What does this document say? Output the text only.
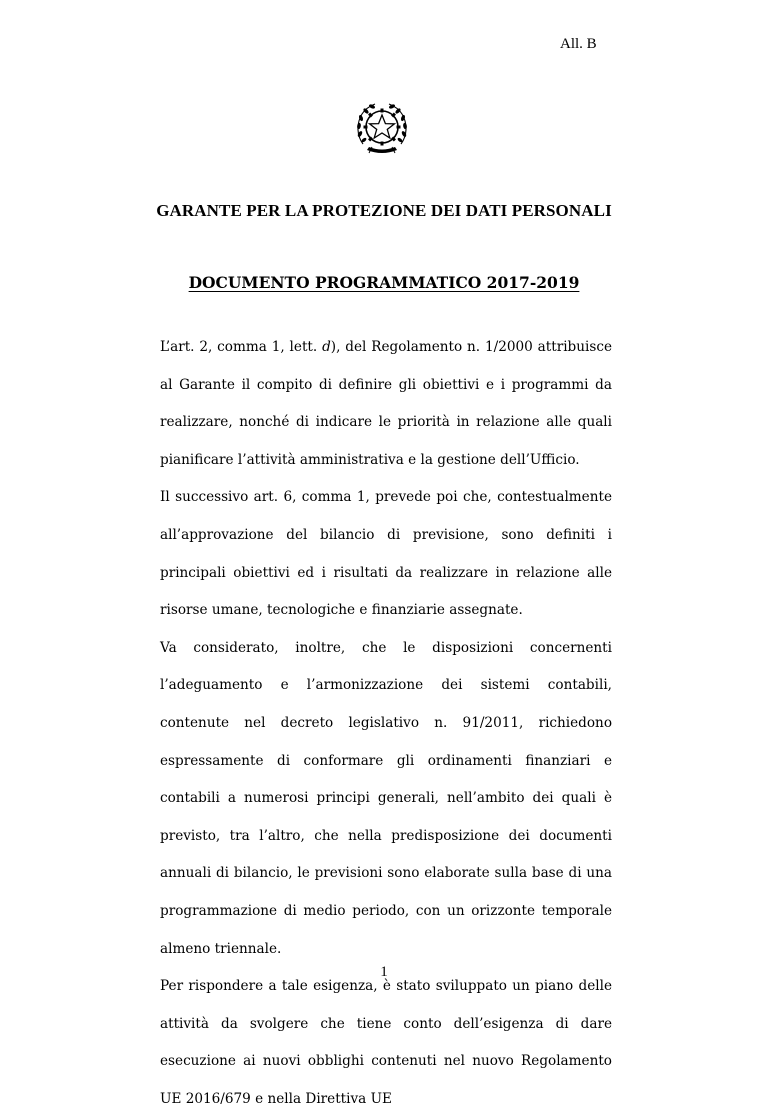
All. B
GARANTE PER LA PROTEZIONE DEI DATI PERSONALI
DOCUMENTO PROGRAMMATICO 2017-2019

L’art. 2, comma 1, lett. d), del Regolamento n. 1/2000 attribuisce al Garante il compito di definire gli obiettivi e i programmi da realizzare, nonché di indicare le priorità in relazione alle quali pianificare l’attività amministrativa e la gestione dell’Ufficio.

Il successivo art. 6, comma 1, prevede poi che, contestualmente all’approvazione del bilancio di previsione, sono definiti i principali obiettivi ed i risultati da realizzare in relazione alle risorse umane, tecnologiche e finanziarie assegnate.

Va considerato, inoltre, che le disposizioni concernenti l’adeguamento e l’armonizzazione dei sistemi contabili, contenute nel decreto legislativo n. 91/2011, richiedono espressamente di conformare gli ordinamenti finanziari e contabili a numerosi principi generali, nell’ambito dei quali è previsto, tra l’altro, che nella predisposizione dei documenti annuali di bilancio, le previsioni sono elaborate sulla base di una programmazione di medio periodo, con un orizzonte temporale almeno triennale.

Per rispondere a tale esigenza, è stato sviluppato un piano delle attività da svolgere che tiene conto dell’esigenza di dare esecuzione ai nuovi obblighi contenuti nel nuovo Regolamento UE 2016/679 e nella Direttiva UE

1
